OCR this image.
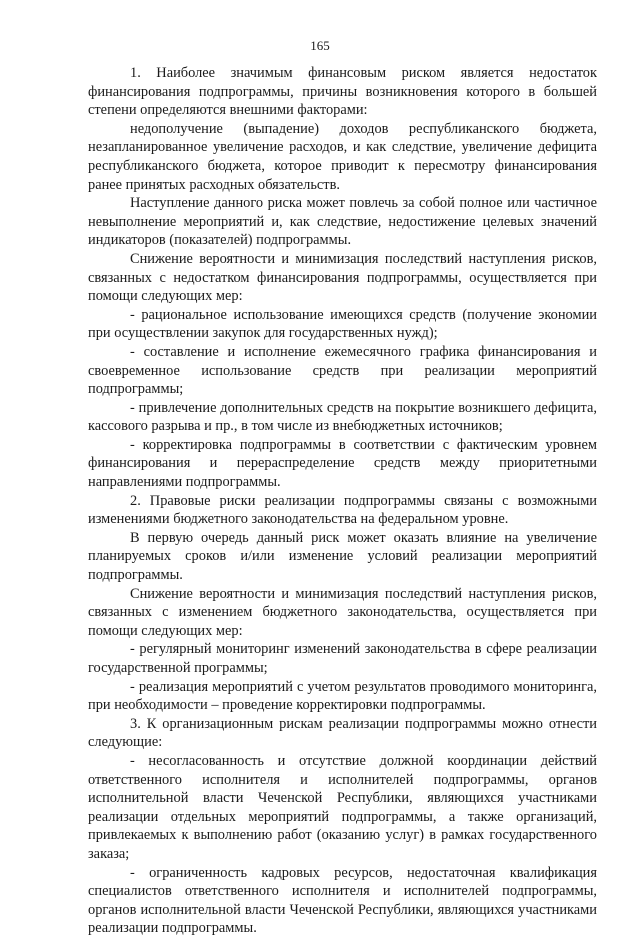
165

1. Наиболее значимым финансовым риском является недостаток финансирования подпрограммы, причины возникновения которого в большей степени определяются внешними факторами:

недополучение (выпадение) доходов республиканского бюджета, незапланированное увеличение расходов, и как следствие, увеличение дефицита республиканского бюджета, которое приводит к пересмотру финансирования ранее принятых расходных обязательств.

Наступление данного риска может повлечь за собой полное или частичное невыполнение мероприятий и, как следствие, недостижение целевых значений индикаторов (показателей) подпрограммы.

Снижение вероятности и минимизация последствий наступления рисков, связанных с недостатком финансирования подпрограммы, осуществляется при помощи следующих мер:

- рациональное использование имеющихся средств (получение экономии при осуществлении закупок для государственных нужд);

- составление и исполнение ежемесячного графика финансирования и своевременное использование средств при реализации мероприятий подпрограммы;

- привлечение дополнительных средств на покрытие возникшего дефицита, кассового разрыва и пр., в том числе из внебюджетных источников;

- корректировка подпрограммы в соответствии с фактическим уровнем финансирования и перераспределение средств между приоритетными направлениями подпрограммы.

2. Правовые риски реализации подпрограммы связаны с возможными изменениями бюджетного законодательства на федеральном уровне.

В первую очередь данный риск может оказать влияние на увеличение планируемых сроков и/или изменение условий реализации мероприятий подпрограммы.

Снижение вероятности и минимизация последствий наступления рисков, связанных с изменением бюджетного законодательства, осуществляется при помощи следующих мер:

- регулярный мониторинг изменений законодательства в сфере реализации государственной программы;

- реализация мероприятий с учетом результатов проводимого мониторинга, при необходимости – проведение корректировки подпрограммы.

3. К организационным рискам реализации подпрограммы можно отнести следующие:

- несогласованность и отсутствие должной координации действий ответственного исполнителя и исполнителей подпрограммы, органов исполнительной власти Чеченской Республики, являющихся участниками реализации отдельных мероприятий подпрограммы, а также организаций, привлекаемых к выполнению работ (оказанию услуг) в рамках государственного заказа;

- ограниченность кадровых ресурсов, недостаточная квалификация специалистов ответственного исполнителя и исполнителей подпрограммы, органов исполнительной власти Чеченской Республики, являющихся участниками реализации подпрограммы.
